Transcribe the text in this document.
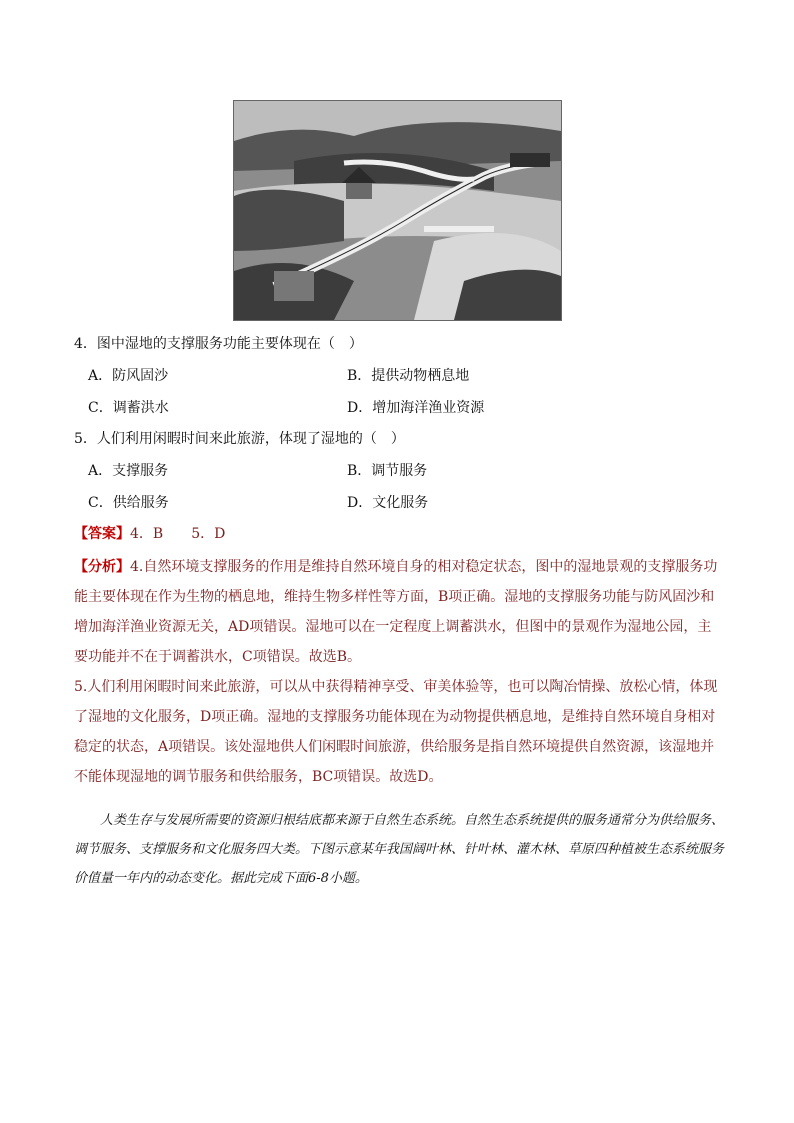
4．图中湿地的支撑服务功能主要体现在（　）
A．防风固沙	B．提供动物栖息地
C．调蓄洪水	D．增加海洋渔业资源
5．人们利用闲暇时间来此旅游，体现了湿地的（　）
A．支撑服务	B．调节服务
C．供给服务	D．文化服务
【答案】4．B　　5．D

【分析】4.自然环境支撑服务的作用是维持自然环境自身的相对稳定状态，图中的湿地景观的支撑服务功能主要体现在作为生物的栖息地，维持生物多样性等方面，B项正确。湿地的支撑服务功能与防风固沙和增加海洋渔业资源无关，AD项错误。湿地可以在一定程度上调蓄洪水，但图中的景观作为湿地公园，主要功能并不在于调蓄洪水，C项错误。故选B。

5.人们利用闲暇时间来此旅游，可以从中获得精神享受、审美体验等，也可以陶冶情操、放松心情，体现了湿地的文化服务，D项正确。湿地的支撑服务功能体现在为动物提供栖息地，是维持自然环境自身相对稳定的状态，A项错误。该处湿地供人们闲暇时间旅游，供给服务是指自然环境提供自然资源，该湿地并不能体现湿地的调节服务和供给服务，BC项错误。故选D。

人类生存与发展所需要的资源归根结底都来源于自然生态系统。自然生态系统提供的服务通常分为供给服务、调节服务、支撑服务和文化服务四大类。下图示意某年我国阔叶林、针叶林、灌木林、草原四种植被生态系统服务价值量一年内的动态变化。据此完成下面6-8小题。
